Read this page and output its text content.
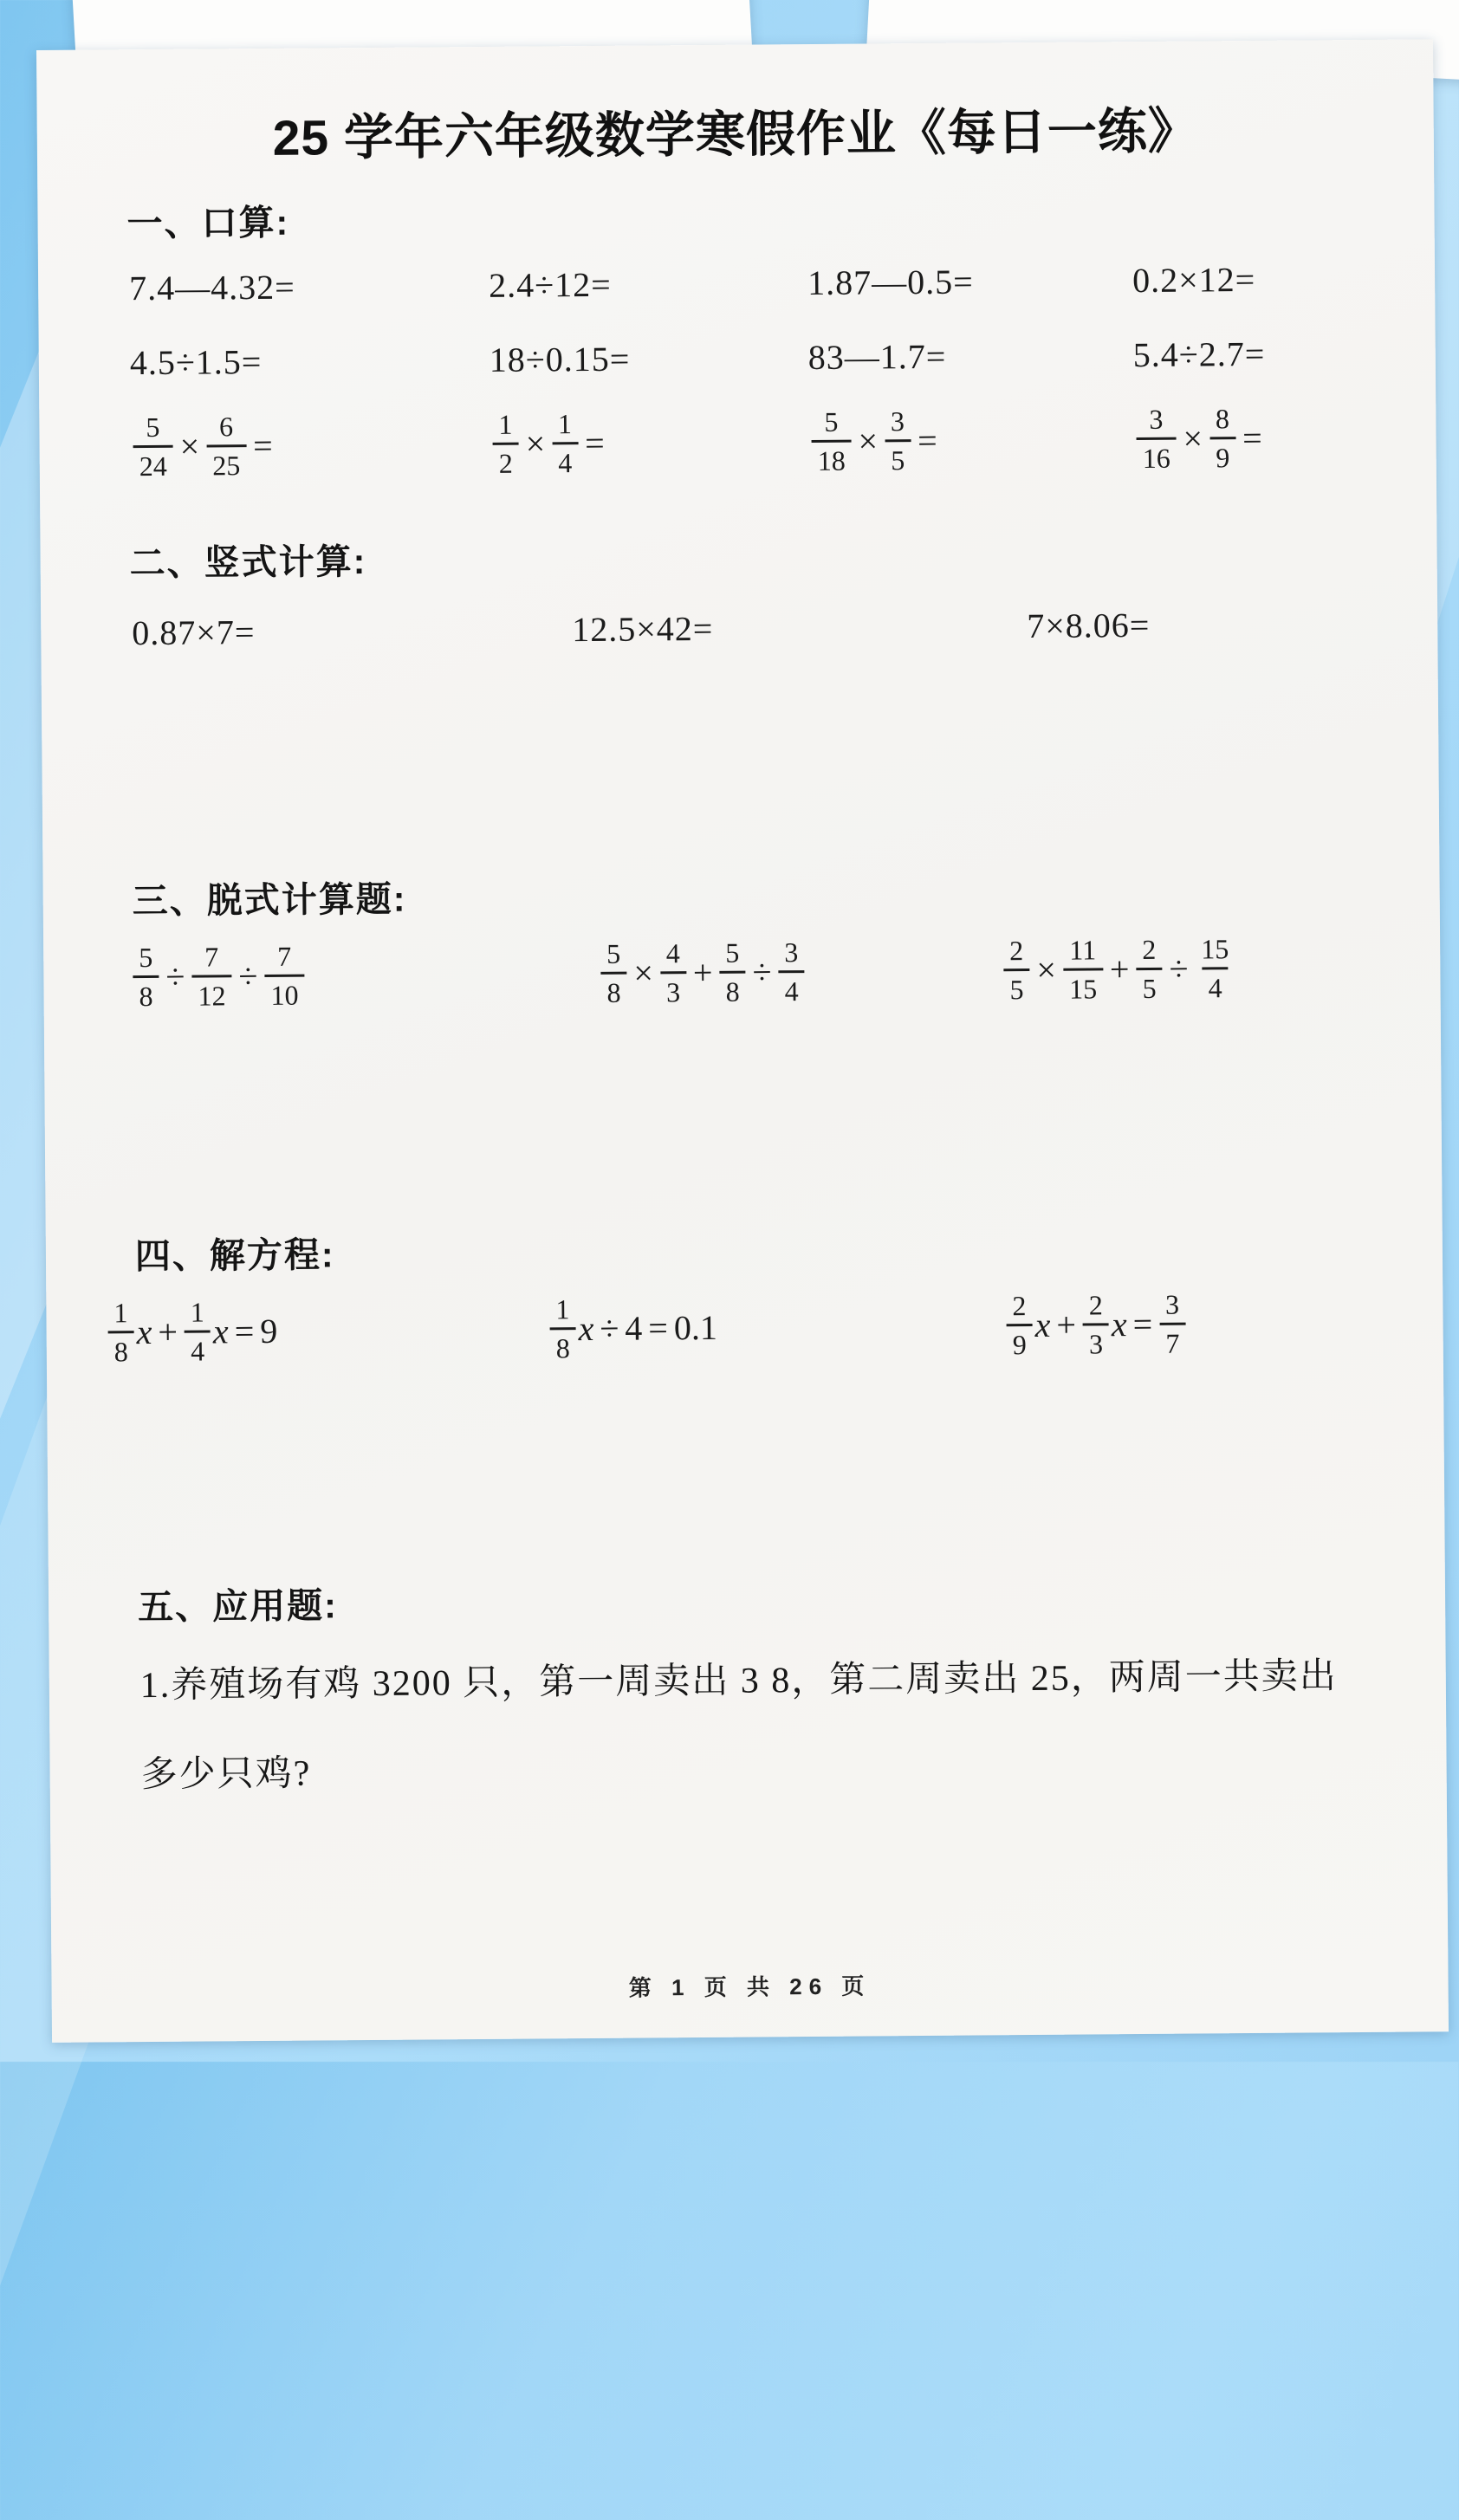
25 学年六年级数学寒假作业《每日一练》
一、口算:
7.4—4.32=	2.4÷12=	1.87—0.5=	0.2×12=
4.5÷1.5=	18÷0.15=	83—1.7=	5.4÷2.7=
$\frac{5}{24} \times \frac{6}{25}$ =	$\frac{1}{2} \times \frac{1}{4}$ =	$\frac{5}{18} \times \frac{3}{5}$ =	$\frac{3}{16} \times \frac{8}{9}$ =
二、竖式计算:
0.87×7=	12.5×42=	7×8.06=
三、脱式计算题:
$\frac{5}{8} \div \frac{7}{12} \div \frac{7}{10}$	$\frac{5}{8} \times \frac{4}{3} + \frac{5}{8} \div \frac{3}{4}$	$\frac{2}{5} \times \frac{11}{15} + \frac{2}{5} \div \frac{15}{4}$
四、解方程:
$\frac{1}{8}$ $x + \frac{1}{4}$ x = 9	$\frac{1}{8}$ x ÷ 4 = 0.1	$\frac{2}{9}$ $x + \frac{2}{3}$ $x = \frac{3}{7}$
五、应用题:
1.养殖场有鸡 3200 只，第一周卖出 3 8，第二周卖出 25，两周一共卖出
多少只鸡?
第 1 页 共 26 页
